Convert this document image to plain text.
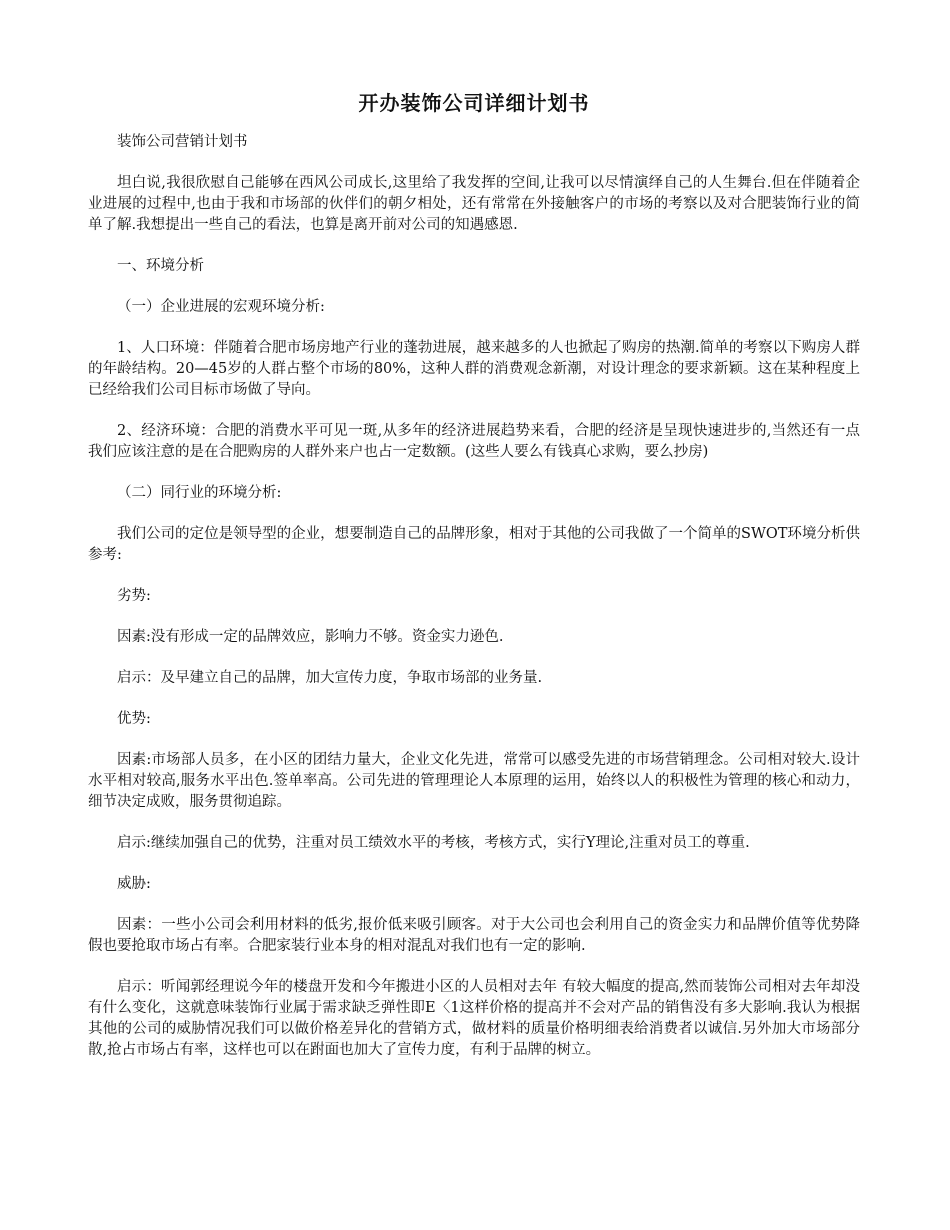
开办装饰公司详细计划书

装饰公司营销计划书

坦白说,我很欣慰自己能够在西风公司成长,这里给了我发挥的空间,让我可以尽情演绎自己的人生舞台.但在伴随着企业进展的过程中,也由于我和市场部的伙伴们的朝夕相处，还有常常在外接触客户的市场的考察以及对合肥装饰行业的简单了解.我想提出一些自己的看法，也算是离开前对公司的知遇感恩.

一、环境分析

（一）企业进展的宏观环境分析:

1、人口环境：伴随着合肥市场房地产行业的蓬勃进展，越来越多的人也掀起了购房的热潮.简单的考察以下购房人群的年龄结构。20—45岁的人群占整个市场的80%，这种人群的消费观念新潮，对设计理念的要求新颖。这在某种程度上已经给我们公司目标市场做了导向。

2、经济环境：合肥的消费水平可见一斑,从多年的经济进展趋势来看，合肥的经济是呈现快速进步的,当然还有一点我们应该注意的是在合肥购房的人群外来户也占一定数额。(这些人要么有钱真心求购，要么抄房)

（二）同行业的环境分析:

我们公司的定位是领导型的企业，想要制造自己的品牌形象，相对于其他的公司我做了一个简单的SWOT环境分析供参考:

劣势:

因素:没有形成一定的品牌效应，影响力不够。资金实力逊色.

启示：及早建立自己的品牌，加大宣传力度，争取市场部的业务量.

优势:

因素:市场部人员多，在小区的团结力量大，企业文化先进，常常可以感受先进的市场营销理念。公司相对较大.设计水平相对较高,服务水平出色.签单率高。公司先进的管理理论人本原理的运用，始终以人的积极性为管理的核心和动力，细节决定成败，服务贯彻追踪。

启示:继续加强自己的优势，注重对员工绩效水平的考核，考核方式，实行Y理论,注重对员工的尊重.

威胁:

因素：一些小公司会利用材料的低劣,报价低来吸引顾客。对于大公司也会利用自己的资金实力和品牌价值等优势降假也要抢取市场占有率。合肥家装行业本身的相对混乱对我们也有一定的影响.

启示：听闻郭经理说今年的楼盘开发和今年搬进小区的人员相对去年 有较大幅度的提高,然而装饰公司相对去年却没有什么变化，这就意味装饰行业属于需求缺乏弹性即E〈1这样价格的提高并不会对产品的销售没有多大影响.我认为根据其他的公司的威胁情况我们可以做价格差异化的营销方式，做材料的质量价格明细表给消费者以诚信.另外加大市场部分散,抢占市场占有率，这样也可以在跗面也加大了宣传力度，有利于品牌的树立。
